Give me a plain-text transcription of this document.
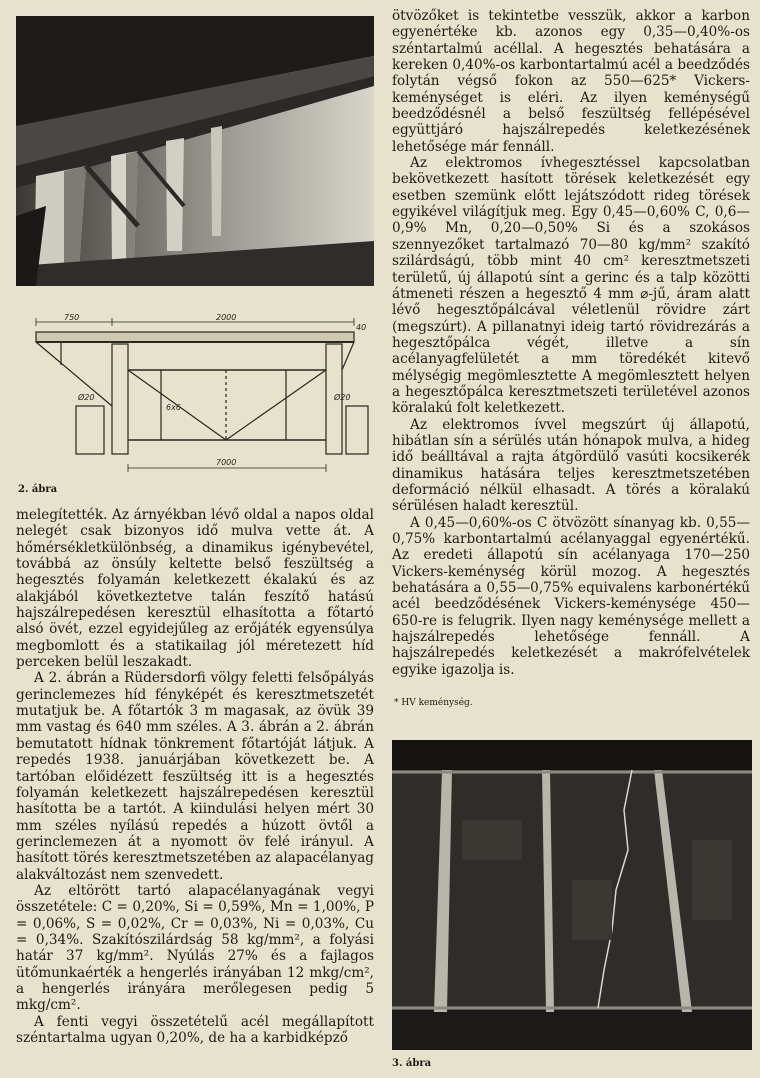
750	2000
40
7000
Ø20	Ø20
6x6
2. ábra

melegítették. Az árnyékban lévő oldal a napos oldal nelegét csak bizonyos idő mulva vette át. A hőmérsékletkülönbség, a dinamikus igénybevétel, továbbá az önsúly keltette belső feszültség a hegesztés folyamán keletkezett ékalakú és az alakjából következtetve talán feszítő hatású hajszálrepedésen keresztül elhasította a főtartó alsó övét, ezzel egyidejűleg az erőjáték egyensúlya megbomlott és a statikailag jól méretezett híd perceken belül leszakadt.

A 2. ábrán a Rüdersdorfi völgy feletti felsőpályás gerinclemezes híd fényképét és keresztmetszetét mutatjuk be. A főtartók 3 m magasak, az övük 39 mm vastag és 640 mm széles. A 3. ábrán a 2. ábrán bemutatott hídnak tönkrement főtartóját látjuk. A repedés 1938. januárjában következett be. A tartóban előidézett feszültség itt is a hegesztés folyamán keletkezett hajszálrepedésen keresztül hasította be a tartót. A kiindulási helyen mért 30 mm széles nyílású repedés a húzott övtől a gerinclemezen át a nyomott öv felé irányul. A hasított törés keresztmetszetében az alapacélanyag alakváltozást nem szenvedett.

Az eltörött tartó alapacélanyagának vegyi összetétele: C = 0,20%, Si = 0,59%, Mn = 1,00%, P = 0,06%, S = 0,02%, Cr = 0,03%, Ni = 0,03%, Cu = 0,34%. Szakítószilárdság 58 kg/mm², a folyási határ 37 kg/mm². Nyúlás 27% és a fajlagos ütőmunkaérték a hengerlés irányában 12 mkg/cm², a hengerlés irányára merőlegesen pedig 5 mkg/cm².

A fenti vegyi összetételű acél megállapított széntartalma ugyan 0,20%, de ha a karbidképző

ötvözőket is tekintetbe vesszük, akkor a karbon egyenértéke kb. azonos egy 0,35—0,40%-os széntartalmú acéllal. A hegesztés behatására a kereken 0,40%-os karbontartalmú acél a beedződés folytán végső fokon az 550—625* Vickers-keménységet is eléri. Az ilyen keménységű beedződésnél a belső feszültség fellépésével együttjáró hajszálrepedés keletkezésének lehetősége már fennáll.

Az elektromos ívhegesztéssel kapcsolatban bekövetkezett hasított törések keletkezését egy esetben szemünk előtt lejátszódott rideg törések egyikével világítjuk meg. Egy 0,45—0,60% C, 0,6—0,9% Mn, 0,20—0,50% Si és a szokásos szennyezőket tartalmazó 70—80 kg/mm² szakító szilárdságú, több mint 40 cm² keresztmetszeti területű, új állapotú sínt a gerinc és a talp közötti átmeneti részen a hegesztő 4 mm ⌀-jű, áram alatt lévő hegesztőpálcával véletlenül rövidre zárt (megszúrt). A pillanatnyi ideig tartó rövidrezárás a hegesztőpálca végét, illetve a sín acélanyagfelületét a mm töredékét kitevő mélységig megömlesztette A megömlesztett helyen a hegesztőpálca keresztmetszeti területével azonos köralakú folt keletkezett.

Az elektromos ívvel megszúrt új állapotú, hibátlan sín a sérülés után hónapok mulva, a hideg idő beálltával a rajta átgördülő vasúti kocsikerék dinamikus hatására teljes keresztmetszetében deformáció nélkül elhasadt. A törés a köralakú sérülésen haladt keresztül.

A 0,45—0,60%-os C ötvözött sínanyag kb. 0,55—0,75% karbontartalmú acélanyaggal egyenértékű. Az eredeti állapotú sín acélanyaga 170—250 Vickers-keménység körül mozog. A hegesztés behatására a 0,55—0,75% equivalens karbonértékű acél beedződésének Vickers-keménysége 450—650-re is felugrik. Ilyen nagy keménysége mellett a hajszálrepedés lehetősége fennáll. A hajszálrepedés keletkezését a makrófelvételek egyike igazolja is.

* HV keménység.
3. ábra
